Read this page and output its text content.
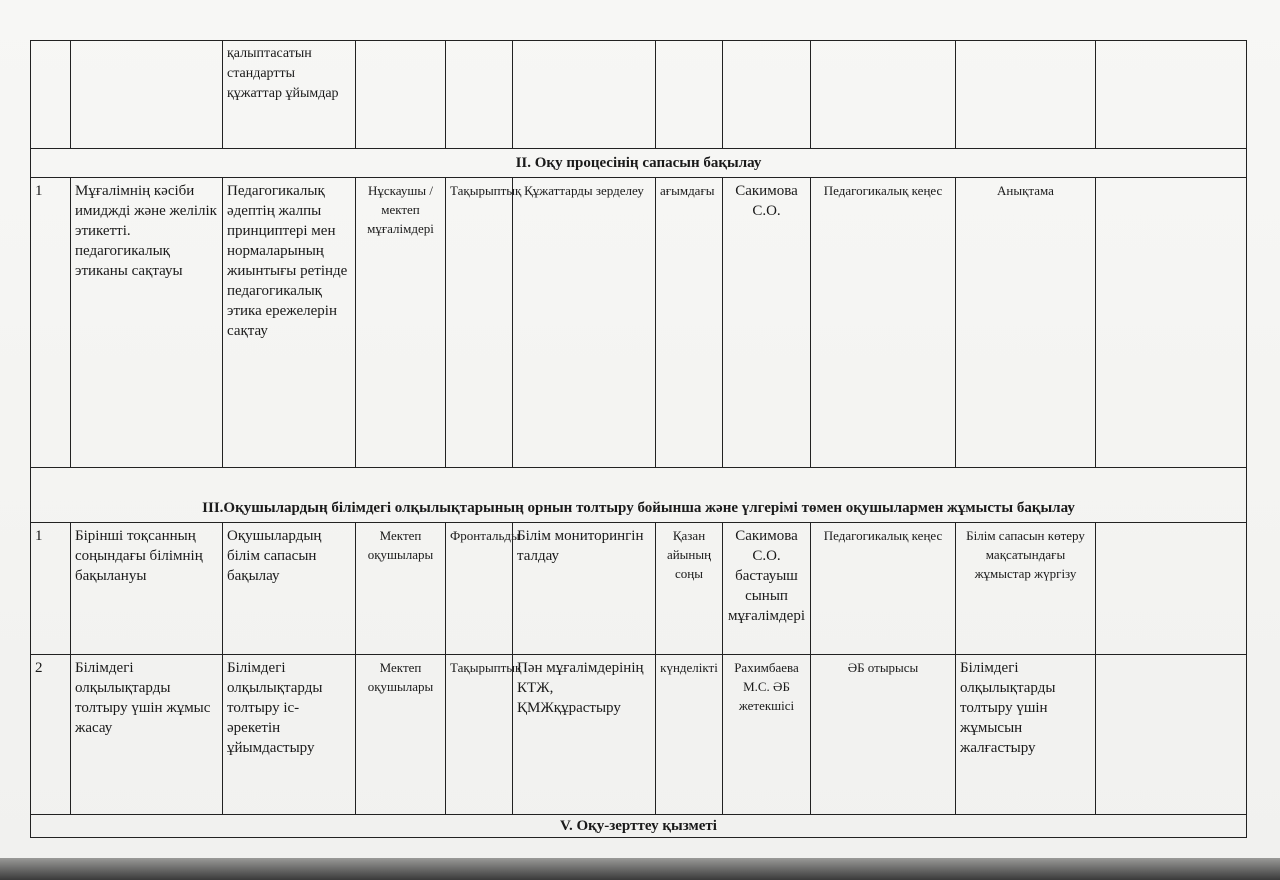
		қалыптасатын стандартты құжаттар ұйымдар								
II. Оқу процесінің сапасын бақылау										
1	Мұғалімнің кәсіби имиджді және желілік этикетті. педагогикалық этиканы сақтауы	Педагогикалық әдептің жалпы принциптері мен нормаларының жиынтығы ретінде педагогикалық этика ережелерін сақтау	Нұскаушы /мектеп мұғалімдері	Тақырыптық	Құжаттарды зерделеу	ағымдағы	Сакимова С.О.	Педагогикалық кеңес	Анықтама	
III.Оқушылардың білімдегі олқылықтарының орнын толтыру бойынша және үлгерімі төмен оқушылармен жұмысты бақылау										
1	Бірінші тоқсанның соңындағы білімнің бақылануы	Оқушылардың білім сапасын бақылау	Мектеп оқушылары	Фронтальды	Білім мониторингін талдау	Қазан айының соңы	Сакимова С.О. бастауыш сынып мұғалімдері	Педагогикалық кеңес	Білім сапасын көтеру мақсатындағы жұмыстар жүргізу	
2	Білімдегі олқылықтарды толтыру үшін жұмыс жасау	Білімдегі олқылықтарды толтыру іс-әрекетін ұйымдастыру	Мектеп оқушылары	Тақырыптық	Пән мұғалімдерінің КТЖ, ҚМЖқұрастыру	күнделікті	Рахимбаева М.С. ӘБ жетекшісі	ӘБ отырысы	Білімдегі олқылықтарды толтыру үшін жұмысын жалғастыру	
V. Оқу-зерттеу қызметі										
